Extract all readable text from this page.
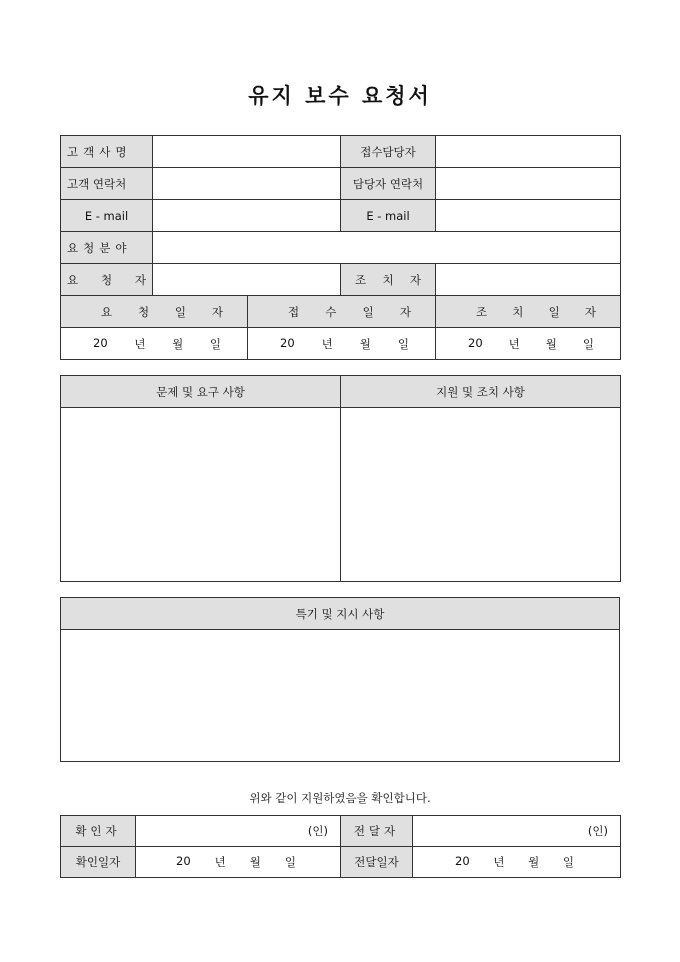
유지 보수 요청서
고객사명			접수담당자	

고객 연락처			담당자 연락처	
E - mail			E - mail	

요청분야				

요 청 자			조 치 자	

요 청 일 자		접 수 일 자		조 치 일 자

20 년 월 일		20 년 월 일		20 년 월 일
문제 및 요구 사항	지원 및 조치 사항

특기 및 지시 사항

위와 같이 지원하였음을 확인합니다.
확인자	(인)	전달자	(인)
확인일자	20 년 월 일	전달일자	20 년 월 일
